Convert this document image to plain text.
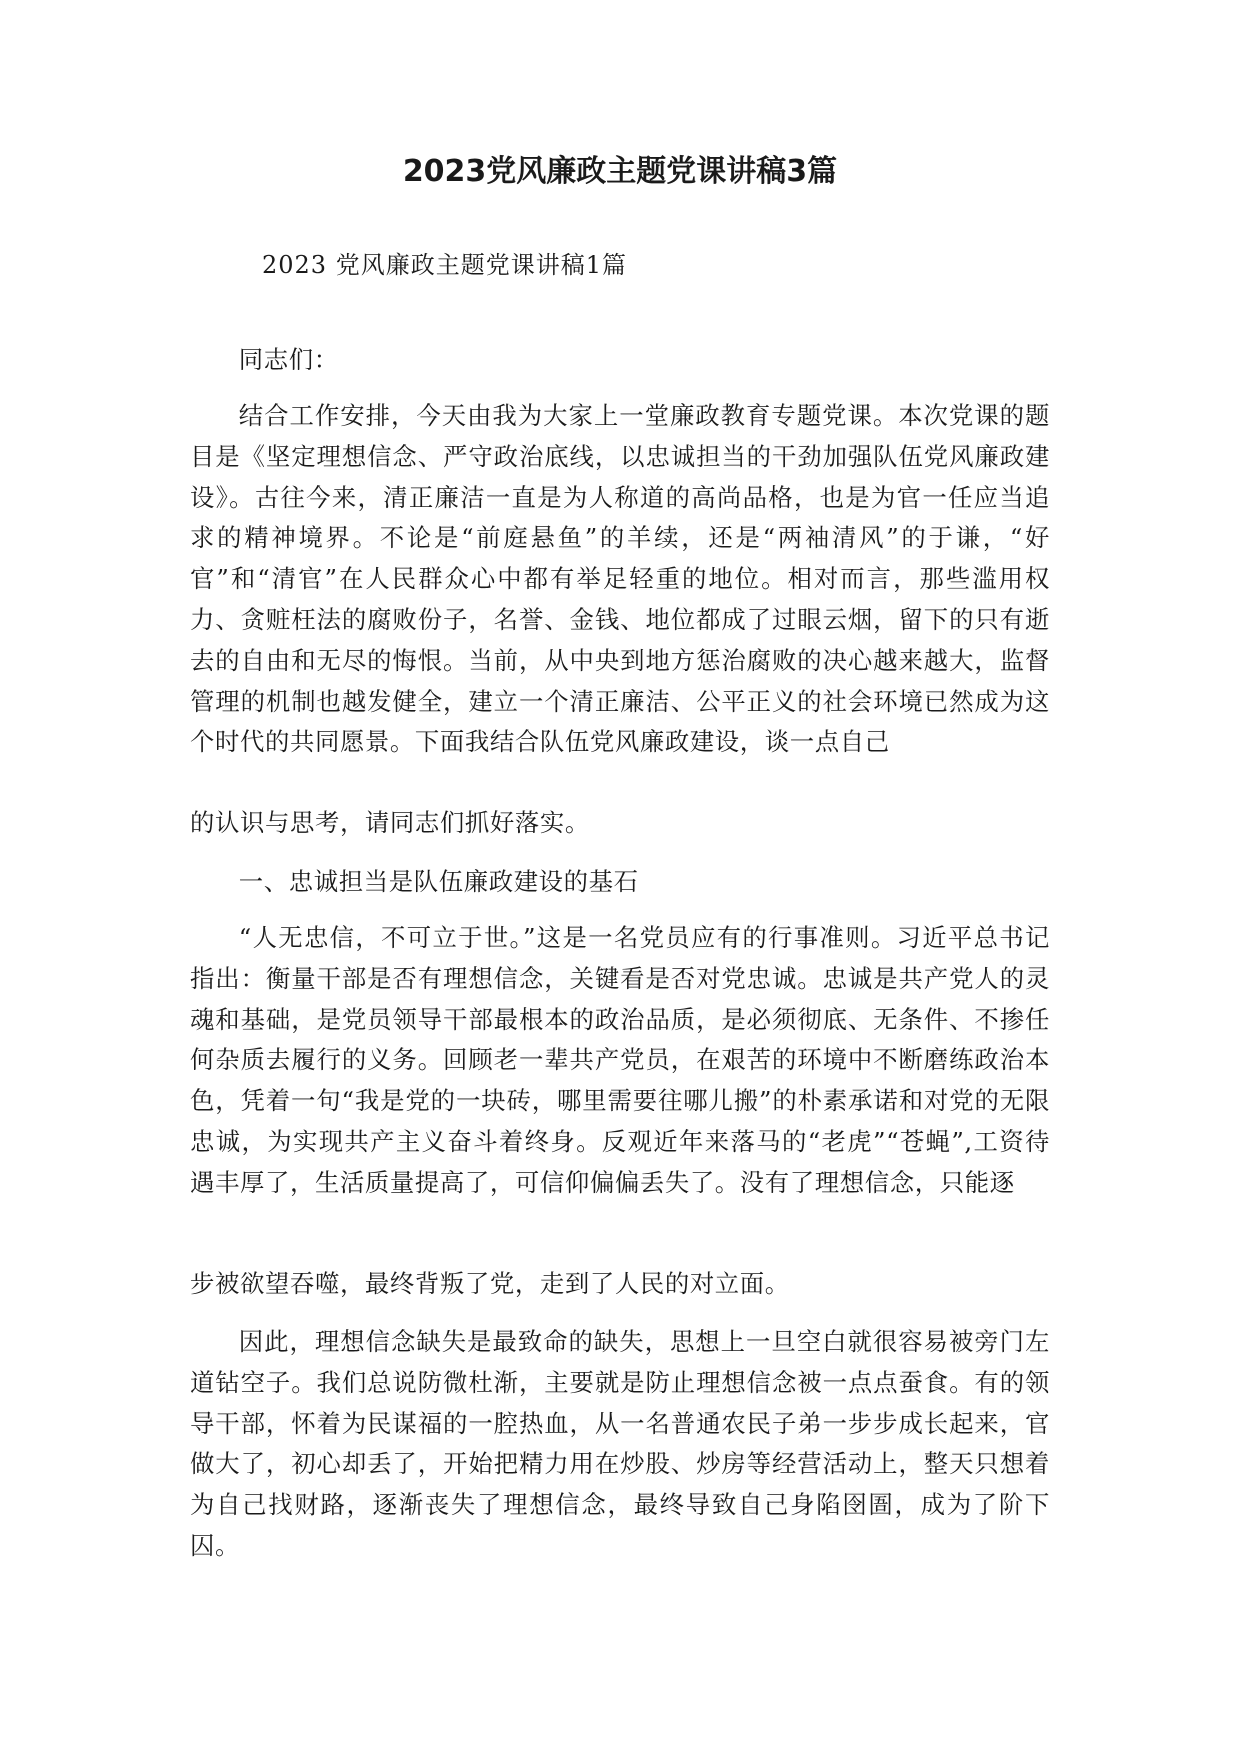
2023党风廉政主题党课讲稿3篇

2023 党风廉政主题党课讲稿1篇

同志们：

结合工作安排，今天由我为大家上一堂廉政教育专题党课。本次党课的题目是《坚定理想信念、严守政治底线，以忠诚担当的干劲加强队伍党风廉政建设》。古往今来，清正廉洁一直是为人称道的高尚品格，也是为官一任应当追求的精神境界。不论是“前庭悬鱼”的羊续，还是“两袖清风”的于谦，“好官”和“清官”在人民群众心中都有举足轻重的地位。相对而言，那些滥用权力、贪赃枉法的腐败份子，名誉、金钱、地位都成了过眼云烟，留下的只有逝去的自由和无尽的悔恨。当前，从中央到地方惩治腐败的决心越来越大，监督管理的机制也越发健全，建立一个清正廉洁、公平正义的社会环境已然成为这个时代的共同愿景。下面我结合队伍党风廉政建设，谈一点自己

的认识与思考，请同志们抓好落实。

一、忠诚担当是队伍廉政建设的基石

“人无忠信，不可立于世。”这是一名党员应有的行事准则。习近平总书记指出：衡量干部是否有理想信念，关键看是否对党忠诚。忠诚是共产党人的灵魂和基础，是党员领导干部最根本的政治品质，是必须彻底、无条件、不掺任何杂质去履行的义务。回顾老一辈共产党员，在艰苦的环境中不断磨练政治本色，凭着一句“我是党的一块砖，哪里需要往哪儿搬”的朴素承诺和对党的无限忠诚，为实现共产主义奋斗着终身。反观近年来落马的“老虎”“苍蝇”,工资待遇丰厚了，生活质量提高了，可信仰偏偏丢失了。没有了理想信念，只能逐

步被欲望吞噬，最终背叛了党，走到了人民的对立面。

因此，理想信念缺失是最致命的缺失，思想上一旦空白就很容易被旁门左道钻空子。我们总说防微杜渐，主要就是防止理想信念被一点点蚕食。有的领导干部，怀着为民谋福的一腔热血，从一名普通农民子弟一步步成长起来，官做大了，初心却丢了，开始把精力用在炒股、炒房等经营活动上，整天只想着为自己找财路，逐渐丧失了理想信念，最终导致自己身陷囹圄，成为了阶下囚。
